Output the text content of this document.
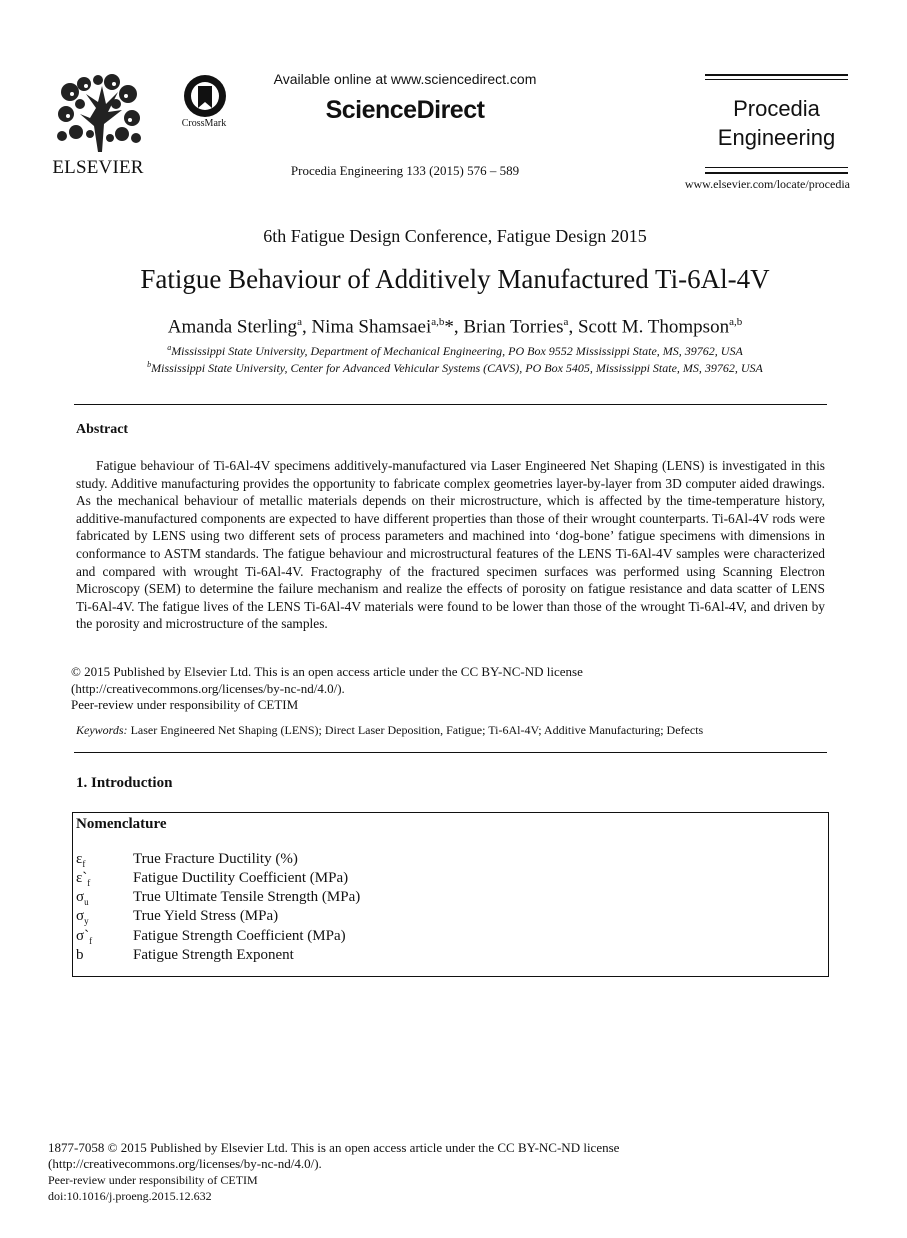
ELSEVIER
CrossMark
Available online at www.sciencedirect.com
ScienceDirect
Procedia Engineering 133 (2015) 576 – 589
Procedia
Engineering
www.elsevier.com/locate/procedia
6th Fatigue Design Conference, Fatigue Design 2015
Fatigue Behaviour of Additively Manufactured Ti-6Al-4V
Amanda Sterling$^a$, Nima Shamsaei$^{a,b}$*, Brian Torries$^a$, Scott M. Thompson$^{a,b}$
$^a$Mississippi State University, Department of Mechanical Engineering, PO Box 9552 Mississippi State, MS, 39762, USA
$^b$Mississippi State University, Center for Advanced Vehicular Systems (CAVS), PO Box 5405, Mississippi State, MS, 39762, USA
Abstract
Fatigue behaviour of Ti-6Al-4V specimens additively-manufactured via Laser Engineered Net Shaping (LENS) is investigated in this study. Additive manufacturing provides the opportunity to fabricate complex geometries layer-by-layer from 3D computer aided drawings. As the mechanical behaviour of metallic materials depends on their microstructure, which is affected by the time-temperature history, additive-manufactured components are expected to have different properties than those of their wrought counterparts. Ti-6Al-4V rods were fabricated by LENS using two different sets of process parameters and machined into ‘dog-bone’ fatigue specimens with dimensions in conformance to ASTM standards. The fatigue behaviour and microstructural features of the LENS Ti-6Al-4V samples were characterized and compared with wrought Ti-6Al-4V. Fractography of the fractured specimen surfaces was performed using Scanning Electron Microscopy (SEM) to determine the failure mechanism and realize the effects of porosity on fatigue resistance and data scatter of LENS Ti-6Al-4V. The fatigue lives of the LENS Ti-6Al-4V materials were found to be lower than those of the wrought Ti-6Al-4V, and driven by the porosity and microstructure of the samples.
© 2015 Published by Elsevier Ltd. This is an open access article under the CC BY-NC-ND license
(http://creativecommons.org/licenses/by-nc-nd/4.0/).
Peer-review under responsibility of CETIM
Keywords: Laser Engineered Net Shaping (LENS); Direct Laser Deposition, Fatigue; Ti-6Al-4V; Additive Manufacturing; Defects
1. Introduction
Nomenclature
$\varepsilon_f$	True Fracture Ductility (%)
$\varepsilon`_f$	Fatigue Ductility Coefficient (MPa)
$\sigma_u$	True Ultimate Tensile Strength (MPa)
$\sigma_y$	True Yield Stress (MPa)
$\sigma`_f$	Fatigue Strength Coefficient (MPa)
b	Fatigue Strength Exponent
1877-7058 © 2015 Published by Elsevier Ltd. This is an open access article under the CC BY-NC-ND license
(http://creativecommons.org/licenses/by-nc-nd/4.0/).
Peer-review under responsibility of CETIM
doi:10.1016/j.proeng.2015.12.632
